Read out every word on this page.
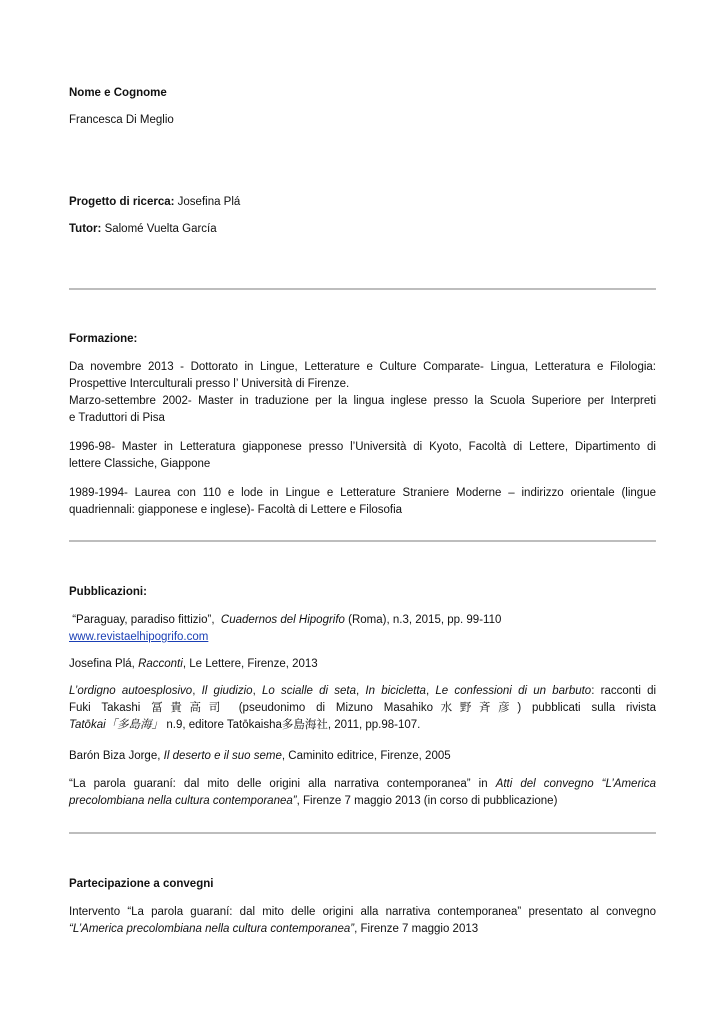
Nome e Cognome
Francesca Di Meglio
Progetto di ricerca: Josefina Plá
Tutor: Salomé Vuelta García
Formazione:

Da novembre 2013 - Dottorato in Lingue, Letterature e Culture Comparate- Lingua, Letteratura e Filologia:

Prospettive Interculturali presso l’ Università di Firenze.

Marzo-settembre 2002- Master in traduzione per la lingua inglese presso la Scuola Superiore per Interpreti

e Traduttori di Pisa

1996-98- Master in Letteratura giapponese presso l’Università di Kyoto, Facoltà di Lettere, Dipartimento di

lettere Classiche, Giappone

1989-1994- Laurea con 110 e lode in Lingue e Letterature Straniere Moderne – indirizzo orientale (lingue

quadriennali: giapponese e inglese)- Facoltà di Lettere e Filosofia

Pubblicazioni:

“Paraguay, paradiso fittizio”, Cuadernos del Hipogrifo (Roma), n.3, 2015, pp. 99-110

www.revistaelhipogrifo.com

Josefina Plá, Racconti, Le Lettere, Firenze, 2013

L’ordigno autoesplosivo, Il giudizio, Lo scialle di seta, In bicicletta, Le confessioni di un barbuto: racconti di

Fuki Takashi 冨貴高司 (pseudonimo di Mizuno Masahiko水野斉彦) pubblicati sulla rivista

Tatōkai「多島海」 n.9, editore Tatōkaisha多島海社, 2011, pp.98-107.

Barón Biza Jorge, Il deserto e il suo seme, Caminito editrice, Firenze, 2005

“La parola guaraní: dal mito delle origini alla narrativa contemporanea” in Atti del convegno “L’America

precolombiana nella cultura contemporanea”, Firenze 7 maggio 2013 (in corso di pubblicazione)

Partecipazione a convegni

Intervento “La parola guaraní: dal mito delle origini alla narrativa contemporanea” presentato al convegno

“L’America precolombiana nella cultura contemporanea”, Firenze 7 maggio 2013
